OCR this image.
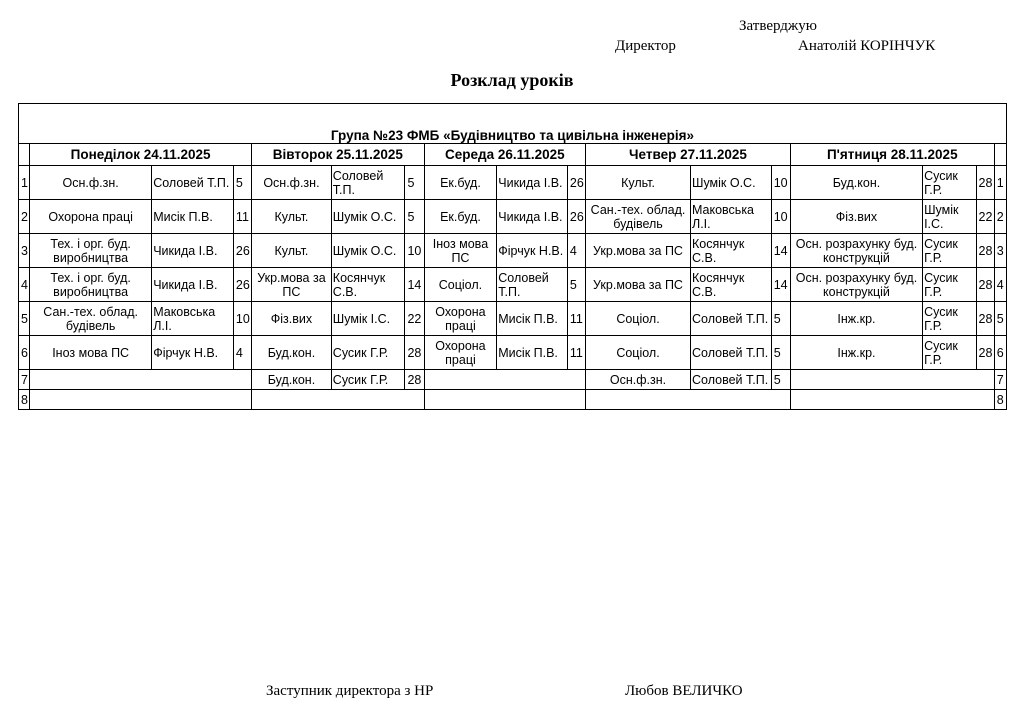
Затверджую
Директор	Анатолій КОРІНЧУК
Розклад уроків

Група №23 ФМБ «Будівництво та цивільна інженерія»																
	Понеділок 24.11.2025			Вівторок 25.11.2025			Середа 26.11.2025			Четвер 27.11.2025			П'ятниця 28.11.2025			
1	Осн.ф.зн.	Соловей Т.П.	5	Осн.ф.зн.	Соловей Т.П.	5	Ек.буд.	Чикида І.В.	26	Культ.	Шумік О.С.	10	Буд.кон.	Сусик Г.Р.	28	1
2	Охорона праці	Мисік П.В.	11	Культ.	Шумік О.С.	5	Ек.буд.	Чикида І.В.	26	Сан.-тех. облад. будівель	Маковська Л.І.	10	Фіз.вих	Шумік І.С.	22	2
3	Тех. і орг. буд. виробництва	Чикида І.В.	26	Культ.	Шумік О.С.	10	Іноз мова ПС	Фірчук Н.В.	4	Укр.мова за ПС	Косянчук С.В.	14	Осн. розрахунку буд. конструкцій	Сусик Г.Р.	28	3
4	Тех. і орг. буд. виробництва	Чикида І.В.	26	Укр.мова за ПС	Косянчук С.В.	14	Соціол.	Соловей Т.П.	5	Укр.мова за ПС	Косянчук С.В.	14	Осн. розрахунку буд. конструкцій	Сусик Г.Р.	28	4
5	Сан.-тех. облад. будівель	Маковська Л.І.	10	Фіз.вих	Шумік І.С.	22	Охорона праці	Мисік П.В.	11	Соціол.	Соловей Т.П.	5	Інж.кр.	Сусик Г.Р.	28	5
6	Іноз мова ПС	Фірчук Н.В.	4	Буд.кон.	Сусик Г.Р.	28	Охорона праці	Мисік П.В.	11	Соціол.	Соловей Т.П.	5	Інж.кр.	Сусик Г.Р.	28	6
7				Буд.кон.	Сусик Г.Р.	28				Осн.ф.зн.	Соловей Т.П.	5				7
8																8
Заступник директора з НР	Любов ВЕЛИЧКО
